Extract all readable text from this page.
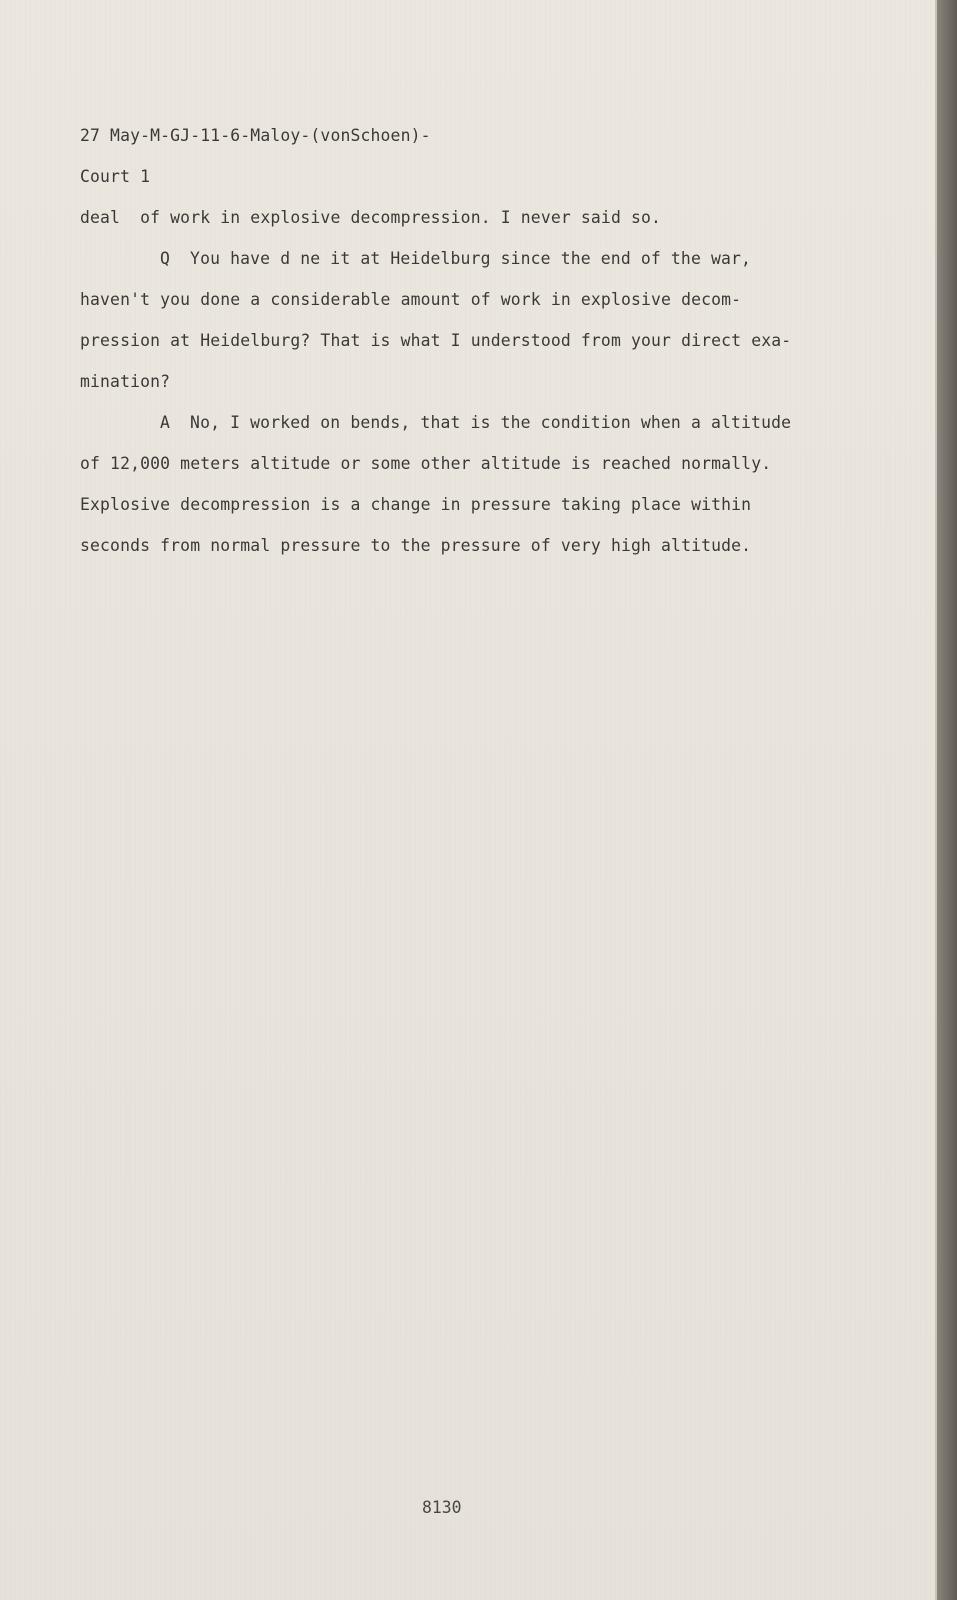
27 May-M-GJ-11-6-Maloy-(vonSchoen)-

Court 1

deal  of work in explosive decompression. I never said so.

Q  You have d ne it at Heidelburg since the end of the war,

haven't you done a considerable amount of work in explosive decom-

pression at Heidelburg? That is what I understood from your direct exa-

mination?

A  No, I worked on bends, that is the condition when a altitude

of 12,000 meters altitude or some other altitude is reached normally.

Explosive decompression is a change in pressure taking place within

seconds from normal pressure to the pressure of very high altitude.

8130
